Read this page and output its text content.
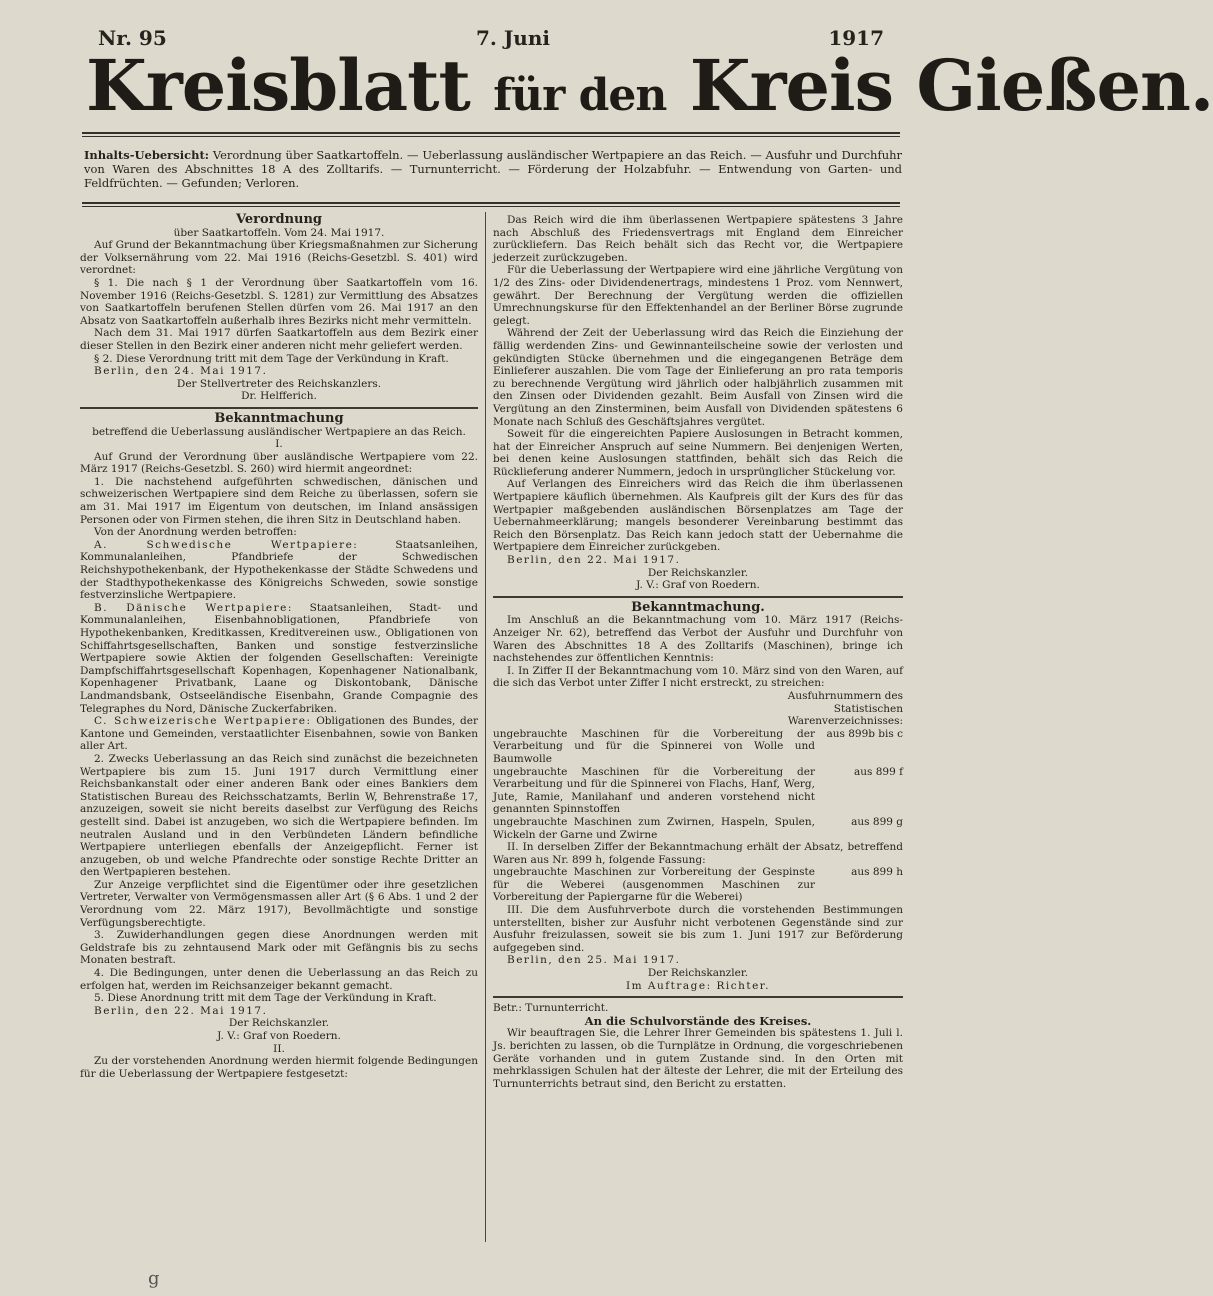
Nr. 95	7. Juni	1917
Kreisblatt für den Kreis Gießen.
Inhalts-Uebersicht: Verordnung über Saatkartoffeln. — Ueberlassung ausländischer Wertpapiere an das Reich. — Ausfuhr und Durchfuhr von Waren des Abschnittes 18 A des Zolltarifs. — Turnunterricht. — Förderung der Holzabfuhr. — Entwendung von Garten- und Feldfrüchten. — Gefunden; Verloren.

Verordnung

über Saatkartoffeln. Vom 24. Mai 1917.

Auf Grund der Bekanntmachung über Kriegsmaßnahmen zur Sicherung der Volksernährung vom 22. Mai 1916 (Reichs-Gesetzbl. S. 401) wird verordnet:

§ 1. Die nach § 1 der Verordnung über Saatkartoffeln vom 16. November 1916 (Reichs-Gesetzbl. S. 1281) zur Vermittlung des Absatzes von Saatkartoffeln berufenen Stellen dürfen vom 26. Mai 1917 an den Absatz von Saatkartoffeln außerhalb ihres Bezirks nicht mehr vermitteln.

Nach dem 31. Mai 1917 dürfen Saatkartoffeln aus dem Bezirk einer dieser Stellen in den Bezirk einer anderen nicht mehr geliefert werden.

§ 2. Diese Verordnung tritt mit dem Tage der Verkündung in Kraft.

Berlin, den 24. Mai 1917.

Der Stellvertreter des Reichskanzlers.

Dr. Helfferich.

Bekanntmachung

betreffend die Ueberlassung ausländischer Wertpapiere an das Reich.

I.

Auf Grund der Verordnung über ausländische Wertpapiere vom 22. März 1917 (Reichs-Gesetzbl. S. 260) wird hiermit angeordnet:

1. Die nachstehend aufgeführten schwedischen, dänischen und schweizerischen Wertpapiere sind dem Reiche zu überlassen, sofern sie am 31. Mai 1917 im Eigentum von deutschen, im Inland ansässigen Personen oder von Firmen stehen, die ihren Sitz in Deutschland haben.

Von der Anordnung werden betroffen:

A. Schwedische Wertpapiere:	Staatsanleihen, Kommunalanleihen, Pfandbriefe der Schwedischen Reichshypothekenbank, der Hypothekenkasse der Städte Schwedens und der Stadthypothekenkasse des Königreichs Schweden, sowie sonstige festverzinsliche Wertpapiere.

B. Dänische Wertpapiere: Staatsanleihen, Stadt- und Kommunalanleihen, Eisenbahnobligationen, Pfandbriefe von Hypothekenbanken, Kreditkassen, Kreditvereinen usw., Obligationen von Schiffahrtsgesellschaften, Banken und sonstige festverzinsliche Wertpapiere sowie Aktien der folgenden Gesellschaften: Vereinigte Dampfschiffahrtsgesellschaft Kopenhagen, Kopenhagener Nationalbank, Kopenhagener Privatbank, Laane og Diskontobank, Dänische Landmandsbank, Ostseeländische Eisenbahn, Grande Compagnie des Telegraphes du Nord, Dänische Zuckerfabriken.

C. Schweizerische Wertpapiere: Obligationen des Bundes, der Kantone und Gemeinden, verstaatlichter Eisenbahnen, sowie von Banken aller Art.

2. Zwecks Ueberlassung an das Reich sind zunächst die bezeichneten Wertpapiere bis zum 15. Juni 1917 durch Vermittlung einer Reichsbankanstalt oder einer anderen Bank oder eines Bankiers dem Statistischen Bureau des Reichsschatzamts, Berlin W, Behrenstraße 17, anzuzeigen, soweit sie nicht bereits daselbst zur Verfügung des Reichs gestellt sind. Dabei ist anzugeben, wo sich die Wertpapiere befinden. Im neutralen Ausland und in den Verbündeten Ländern befindliche Wertpapiere unterliegen ebenfalls der Anzeigepflicht. Ferner ist anzugeben, ob und welche Pfandrechte oder sonstige Rechte Dritter an den Wertpapieren bestehen.

Zur Anzeige verpflichtet sind die Eigentümer oder ihre gesetzlichen Vertreter, Verwalter von Vermögensmassen aller Art (§ 6 Abs. 1 und 2 der Verordnung vom 22. März 1917), Bevollmächtigte und sonstige Verfügungsberechtigte.

3. Zuwiderhandlungen gegen diese Anordnungen werden mit Geldstrafe bis zu zehntausend Mark oder mit Gefängnis bis zu sechs Monaten bestraft.

4. Die Bedingungen, unter denen die Ueberlassung an das Reich zu erfolgen hat, werden im Reichsanzeiger bekannt gemacht.

5. Diese Anordnung tritt mit dem Tage der Verkündung in Kraft.

Berlin, den 22. Mai 1917.

Der Reichskanzler.

J. V.: Graf von Roedern.

II.

Zu der vorstehenden Anordnung werden hiermit folgende Bedingungen für die Ueberlassung der Wertpapiere festgesetzt:

Das Reich wird die ihm überlassenen Wertpapiere spätestens 3 Jahre nach Abschluß des Friedensvertrags mit England dem Einreicher zurückliefern. Das Reich behält sich das Recht vor, die Wertpapiere jederzeit zurückzugeben.

Für die Ueberlassung der Wertpapiere wird eine jährliche Vergütung von 1/2 des Zins- oder Dividendenertrags, mindestens 1 Proz. vom Nennwert, gewährt. Der Berechnung der Vergütung werden die offiziellen Umrechnungskurse für den Effektenhandel an der Berliner Börse zugrunde gelegt.

Während der Zeit der Ueberlassung wird das Reich die Einziehung der fällig werdenden Zins- und Gewinnanteilscheine sowie der verlosten und gekündigten Stücke übernehmen und die eingegangenen Beträge dem Einlieferer auszahlen. Die vom Tage der Einlieferung an pro rata temporis zu berechnende Vergütung wird jährlich oder halbjährlich zusammen mit den Zinsen oder Dividenden gezahlt. Beim Ausfall von Zinsen wird die Vergütung an den Zinsterminen, beim Ausfall von Dividenden spätestens 6 Monate nach Schluß des Geschäftsjahres vergütet.

Soweit für die eingereichten Papiere Auslosungen in Betracht kommen, hat der Einreicher Anspruch auf seine Nummern. Bei denjenigen Werten, bei denen keine Auslosungen stattfinden, behält sich das Reich die Rücklieferung anderer Nummern, jedoch in ursprünglicher Stückelung vor.

Auf Verlangen des Einreichers wird das Reich die ihm überlassenen Wertpapiere käuflich übernehmen. Als Kaufpreis gilt der Kurs des für das Wertpapier maßgebenden ausländischen Börsenplatzes am Tage der Uebernahmeerklärung; mangels besonderer Vereinbarung bestimmt das Reich den Börsenplatz. Das Reich kann jedoch statt der Uebernahme die Wertpapiere dem Einreicher zurückgeben.

Berlin, den 22. Mai 1917.

Der Reichskanzler.

J. V.: Graf von Roedern.

Bekanntmachung.

Im Anschluß an die Bekanntmachung vom 10. März 1917 (Reichs-Anzeiger Nr. 62), betreffend das Verbot der Ausfuhr und Durchfuhr von Waren des Abschnittes 18 A des Zolltarifs (Maschinen), bringe ich nachstehendes zur öffentlichen Kenntnis:

I. In Ziffer II der Bekanntmachung vom 10. März sind von den Waren, auf die sich das Verbot unter Ziffer I nicht erstreckt, zu streichen:

Ausfuhrnummern des Statistischen Warenverzeichnisses:

ungebrauchte Maschinen für die Vorbereitung der Verarbeitung und für die Spinnerei von Wolle und Baumwolle
aus 899b bis c
ungebrauchte Maschinen für die Vorbereitung der Verarbeitung und für die Spinnerei von Flachs, Hanf, Werg, Jute, Ramie, Manilahanf und anderen vorstehend nicht genannten Spinnstoffen
aus 899 f
ungebrauchte Maschinen zum Zwirnen, Haspeln, Spulen, Wickeln der Garne und Zwirne
aus 899 g

II. In derselben Ziffer der Bekanntmachung erhält der Absatz, betreffend Waren aus Nr. 899 h, folgende Fassung:

ungebrauchte Maschinen zur Vorbereitung der Gespinste für die Weberei (ausgenommen Maschinen zur Vorbereitung der Papiergarne für die Weberei)
aus 899 h

III. Die dem Ausfuhrverbote durch die vorstehenden Bestimmungen unterstellten, bisher zur Ausfuhr nicht verbotenen Gegenstände sind zur Ausfuhr freizulassen, soweit sie bis zum 1. Juni 1917 zur Beförderung aufgegeben sind.

Berlin, den 25. Mai 1917.

Der Reichskanzler.

Im Auftrage: Richter.

Betr.: Turnunterricht.

An die Schulvorstände des Kreises.

Wir beauftragen Sie, die Lehrer Ihrer Gemeinden bis spätestens 1. Juli l. Js. berichten zu lassen, ob die Turnplätze in Ordnung, die vorgeschriebenen Geräte vorhanden und in gutem Zustande sind. In den Orten mit mehrklassigen Schulen hat der älteste der Lehrer, die mit der Erteilung des Turnunterrichts betraut sind, den Bericht zu erstatten.

g
